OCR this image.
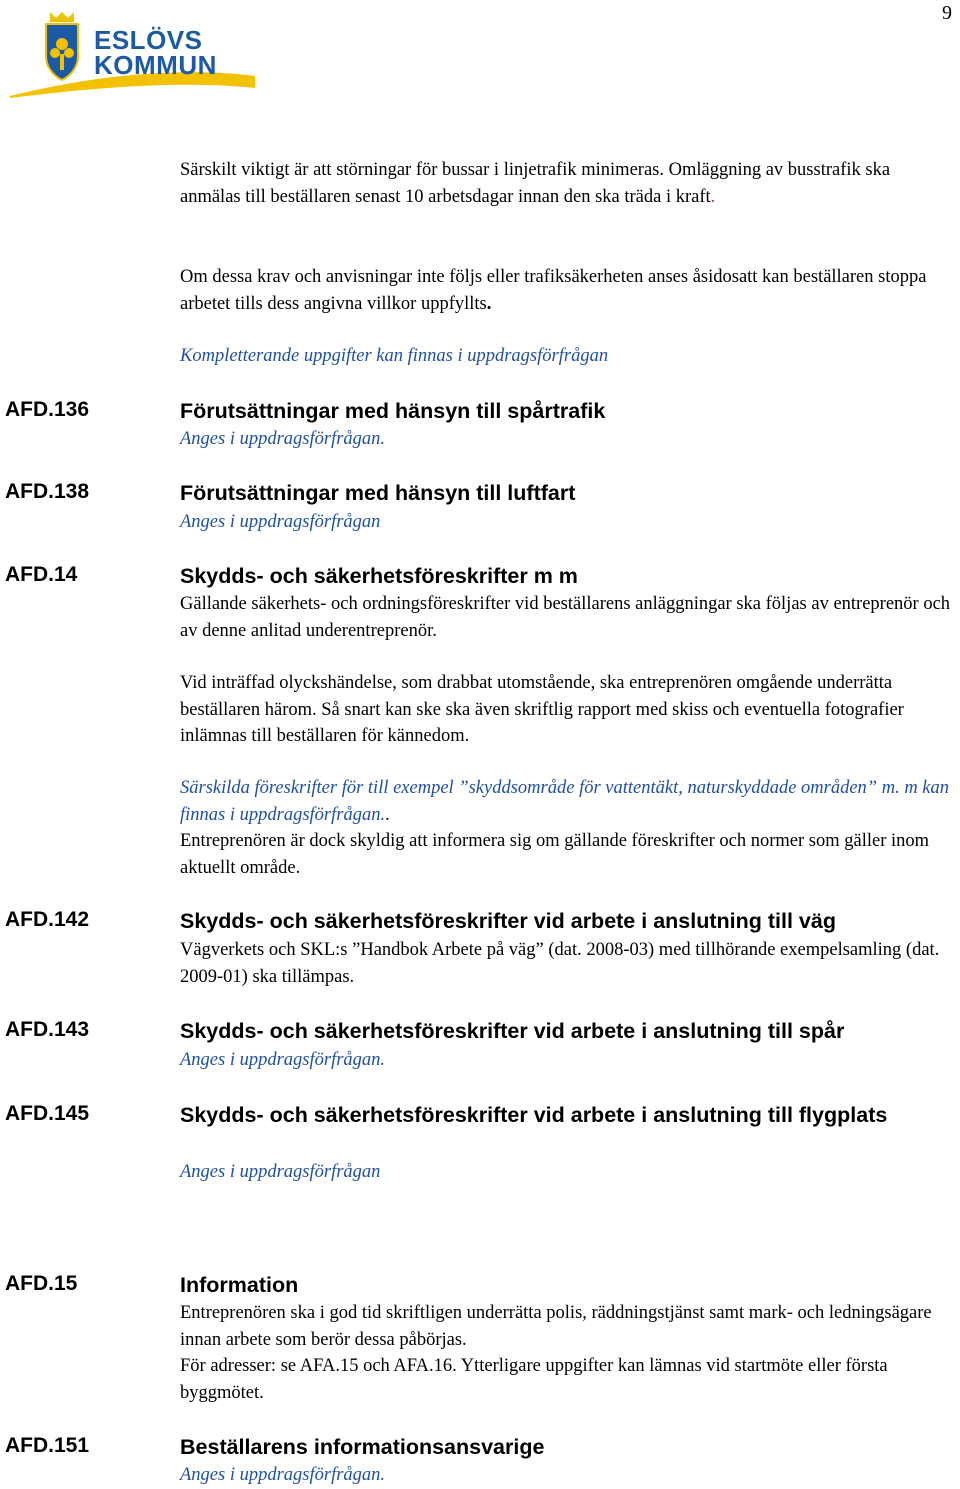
9
ESLÖVS
KOMMUN
Särskilt viktigt är att störningar för bussar i linjetrafik minimeras. Omläggning av busstrafik ska anmälas till beställaren senast 10 arbetsdagar innan den ska träda i kraft.
Om dessa krav och anvisningar inte följs eller trafiksäkerheten anses åsidosatt kan beställaren stoppa arbetet tills dess angivna villkor uppfyllts.
Kompletterande uppgifter kan finnas i uppdragsförfrågan
AFD.136	Förutsättningar med hänsyn till spårtrafik
Anges i uppdragsförfrågan.
AFD.138	Förutsättningar med hänsyn till luftfart
Anges i uppdragsförfrågan
AFD.14	Skydds- och säkerhetsföreskrifter m m
Gällande säkerhets- och ordningsföreskrifter vid beställarens anläggningar ska följas av entreprenör och av denne anlitad underentreprenör.
Vid inträffad olyckshändelse, som drabbat utomstående, ska entreprenören omgående underrätta beställaren härom. Så snart kan ske ska även skriftlig rapport med skiss och eventuella fotografier inlämnas till beställaren för kännedom.
Särskilda föreskrifter för till exempel ”skyddsområde för vattentäkt, naturskyddade områden” m. m kan finnas i uppdragsförfrågan..
Entreprenören är dock skyldig att informera sig om gällande föreskrifter och normer som gäller inom aktuellt område.
AFD.142	Skydds- och säkerhetsföreskrifter vid arbete i anslutning till väg
Vägverkets och SKL:s ”Handbok Arbete på väg” (dat. 2008-03) med tillhörande exempelsamling (dat. 2009-01) ska tillämpas.
AFD.143	Skydds- och säkerhetsföreskrifter vid arbete i anslutning till spår
Anges i uppdragsförfrågan.
AFD.145	Skydds- och säkerhetsföreskrifter vid arbete i anslutning till flygplats
Anges i uppdragsförfrågan
AFD.15	Information
Entreprenören ska i god tid skriftligen underrätta polis, räddningstjänst samt mark- och ledningsägare innan arbete som berör dessa påbörjas.
För adresser: se AFA.15 och AFA.16. Ytterligare uppgifter kan lämnas vid startmöte eller första byggmötet.
AFD.151	Beställarens informationsansvarige
Anges i uppdragsförfrågan.
